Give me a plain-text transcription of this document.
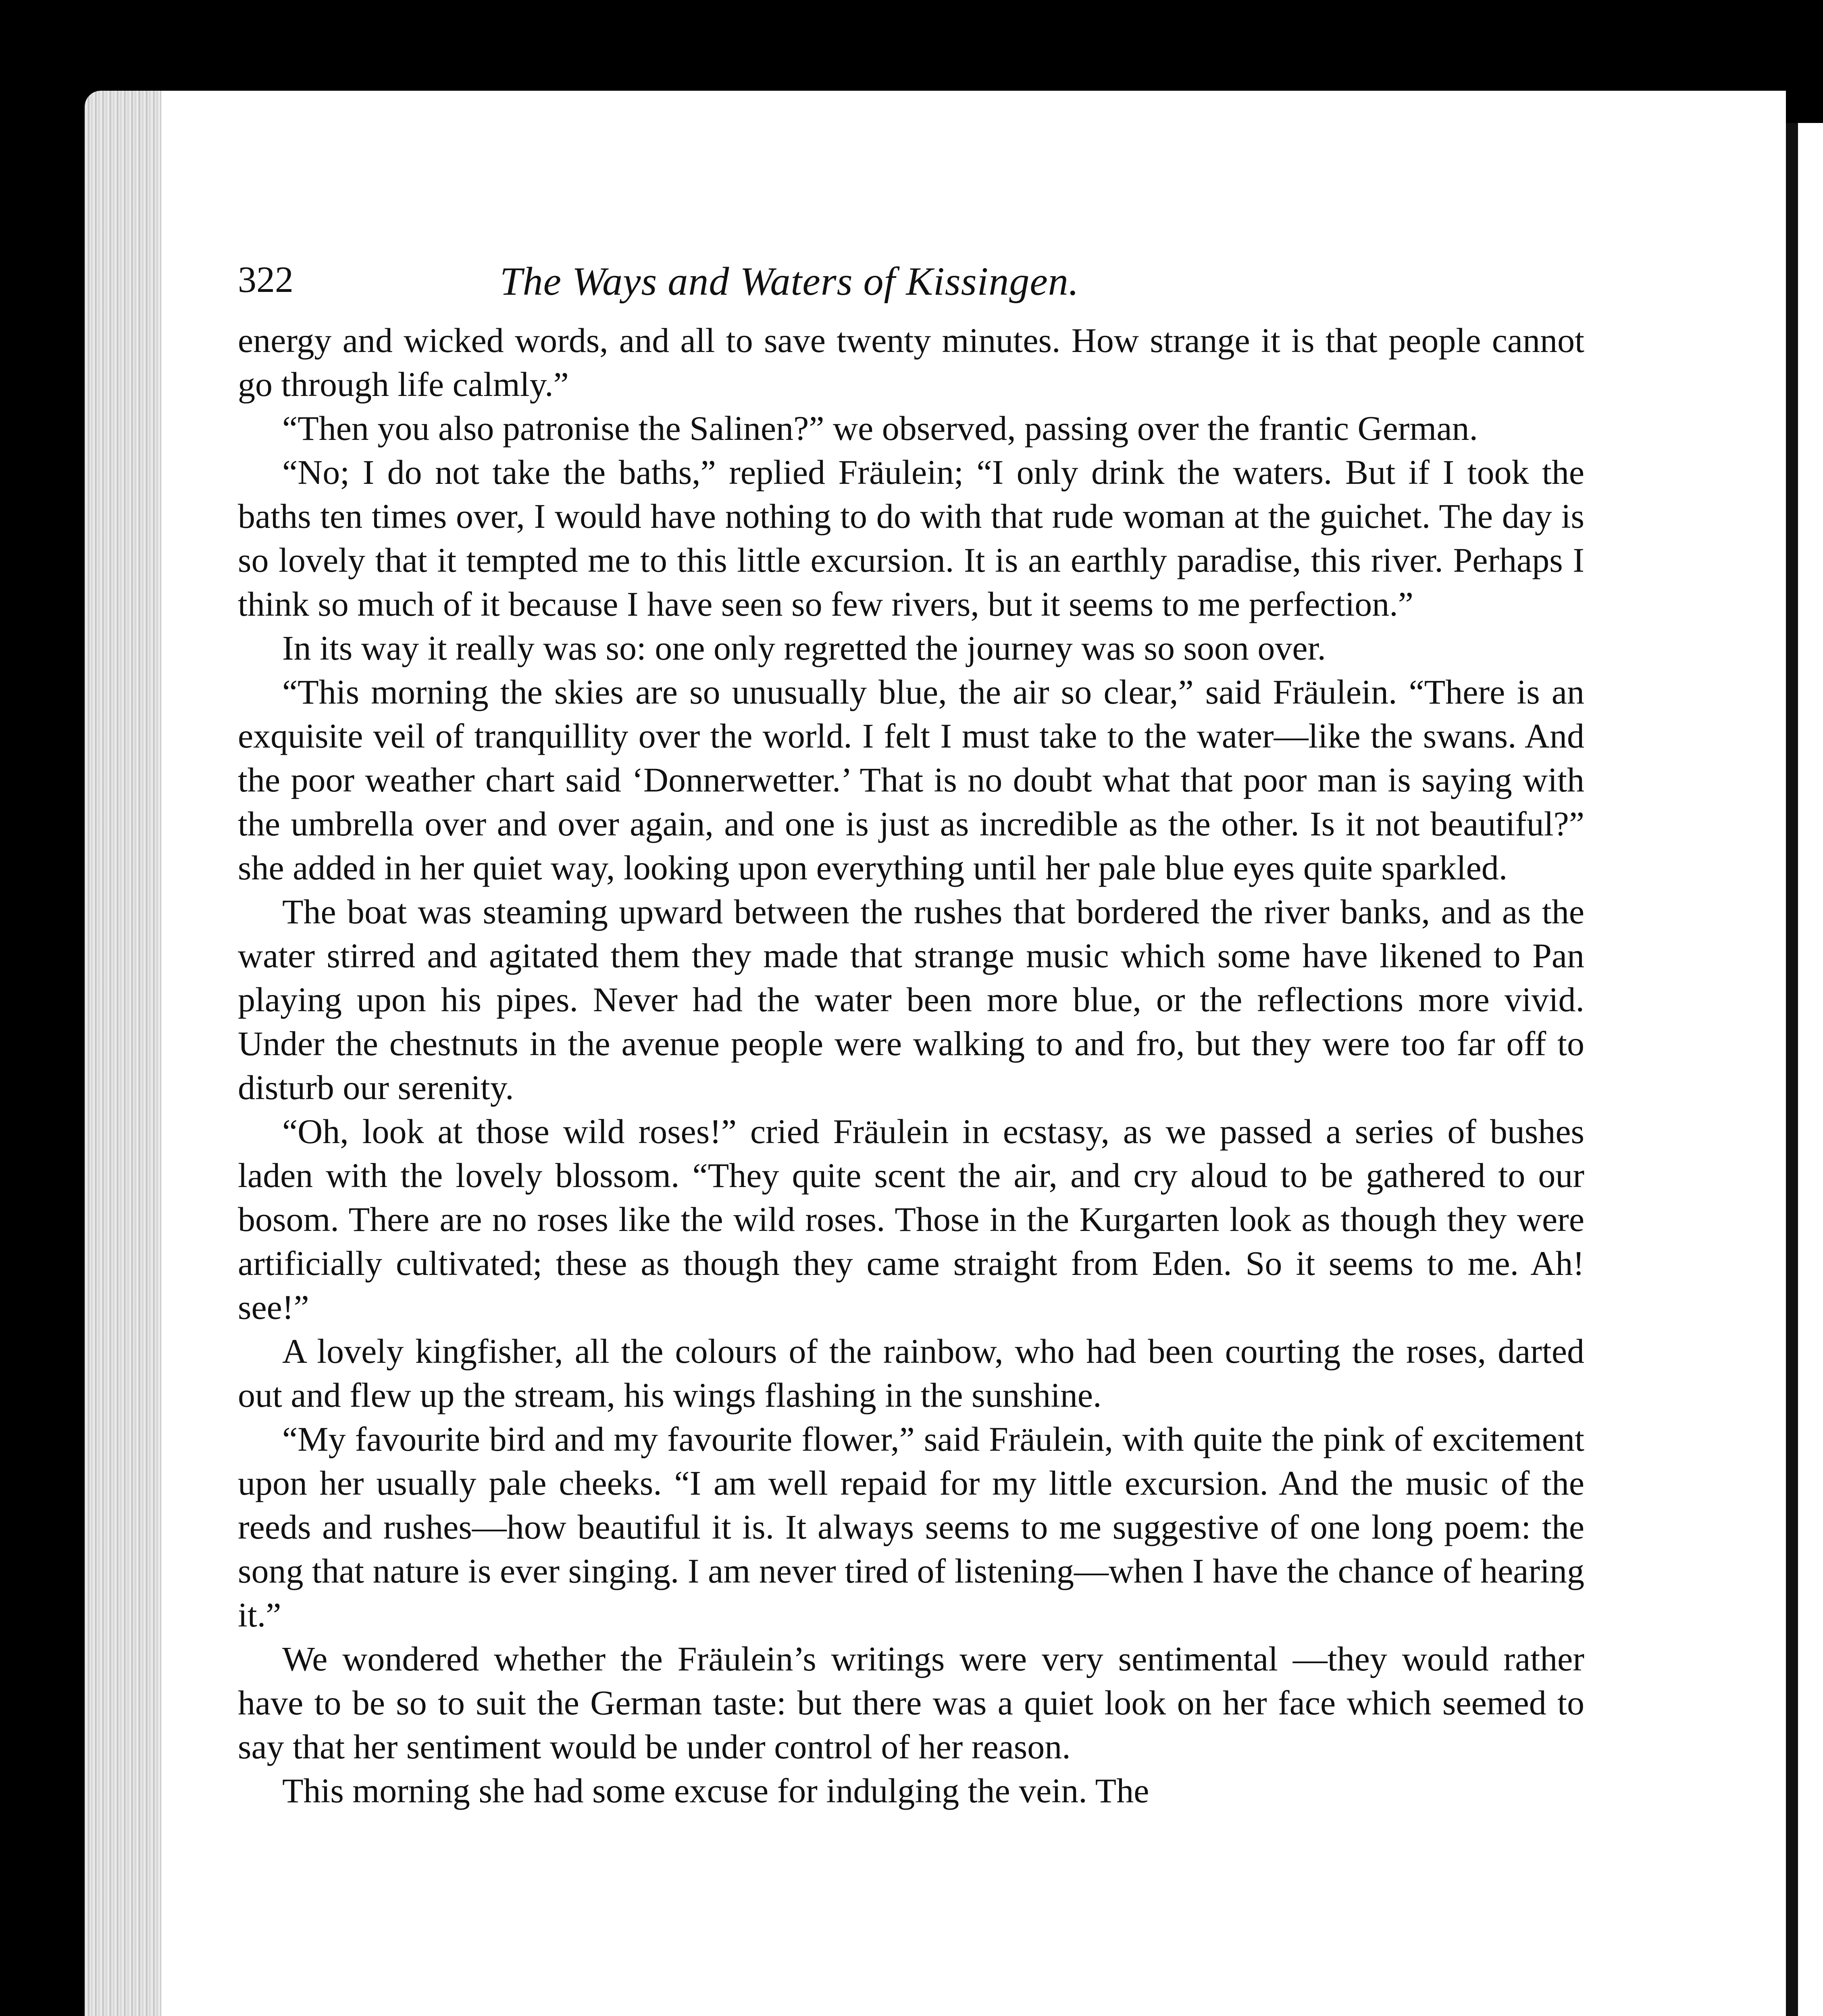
322	The Ways and Waters of Kissingen.

energy and wicked words, and all to save twenty minutes. How strange it is that people cannot go through life calmly.”

“Then you also patronise the Salinen?” we observed, passing over the frantic German.

“No; I do not take the baths,” replied Fräulein; “I only drink the waters. But if I took the baths ten times over, I would have nothing to do with that rude woman at the guichet. The day is so lovely that it tempted me to this little excursion. It is an earthly paradise, this river. Perhaps I think so much of it because I have seen so few rivers, but it seems to me perfection.”

In its way it really was so: one only regretted the journey was so soon over.

“This morning the skies are so unusually blue, the air so clear,” said Fräulein. “There is an exquisite veil of tranquillity over the world. I felt I must take to the water—like the swans. And the poor weather chart said ‘Donnerwetter.’ That is no doubt what that poor man is saying with the umbrella over and over again, and one is just as incredible as the other. Is it not beautiful?” she added in her quiet way, looking upon everything until her pale blue eyes quite sparkled.

The boat was steaming upward between the rushes that bordered the river banks, and as the water stirred and agitated them they made that strange music which some have likened to Pan playing upon his pipes. Never had the water been more blue, or the reflections more vivid. Under the chestnuts in the avenue people were walking to and fro, but they were too far off to disturb our serenity.

“Oh, look at those wild roses!” cried Fräulein in ecstasy, as we passed a series of bushes laden with the lovely blossom. “They quite scent the air, and cry aloud to be gathered to our bosom. There are no roses like the wild roses. Those in the Kurgarten look as though they were artificially cultivated; these as though they came straight from Eden. So it seems to me. Ah! see!”

A lovely kingfisher, all the colours of the rainbow, who had been courting the roses, darted out and flew up the stream, his wings flashing in the sunshine.

“My favourite bird and my favourite flower,” said Fräulein, with quite the pink of excitement upon her usually pale cheeks. “I am well repaid for my little excursion. And the music of the reeds and rushes—how beautiful it is. It always seems to me suggestive of one long poem: the song that nature is ever singing. I am never tired of listening—when I have the chance of hearing it.”

We wondered whether the Fräulein’s writings were very sentimental —they would rather have to be so to suit the German taste: but there was a quiet look on her face which seemed to say that her sentiment would be under control of her reason.

This morning she had some excuse for indulging the vein. The
